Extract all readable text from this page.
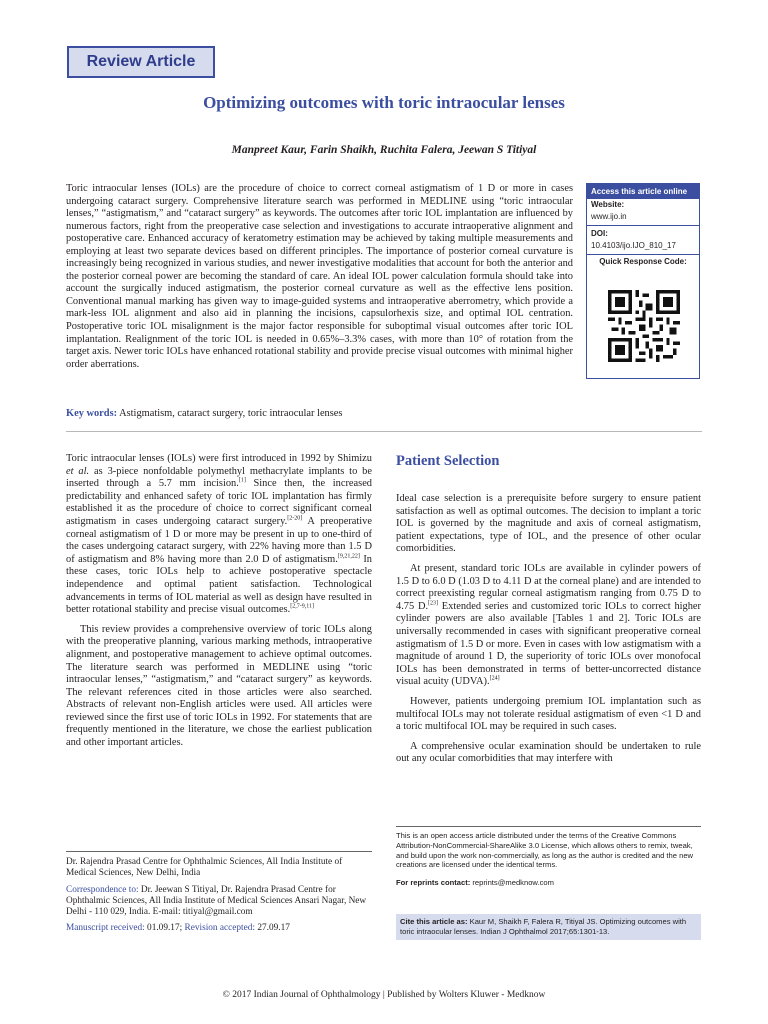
Review Article
Optimizing outcomes with toric intraocular lenses
Manpreet Kaur, Farin Shaikh, Ruchita Falera, Jeewan S Titiyal
Toric intraocular lenses (IOLs) are the procedure of choice to correct corneal astigmatism of 1 D or more in cases undergoing cataract surgery. Comprehensive literature search was performed in MEDLINE using “toric intraocular lenses,” “astigmatism,” and “cataract surgery” as keywords. The outcomes after toric IOL implantation are influenced by numerous factors, right from the preoperative case selection and investigations to accurate intraoperative alignment and postoperative care. Enhanced accuracy of keratometry estimation may be achieved by taking multiple measurements and employing at least two separate devices based on different principles. The importance of posterior corneal curvature is increasingly being recognized in various studies, and newer investigative modalities that account for both the anterior and the posterior corneal power are becoming the standard of care. An ideal IOL power calculation formula should take into account the surgically induced astigmatism, the posterior corneal curvature as well as the effective lens position. Conventional manual marking has given way to image-guided systems and intraoperative aberrometry, which provide a mark-less IOL alignment and also aid in planning the incisions, capsulorhexis size, and optimal IOL centration. Postoperative toric IOL misalignment is the major factor responsible for suboptimal visual outcomes after toric IOL implantation. Realignment of the toric IOL is needed in 0.65%–3.3% cases, with more than 10° of rotation from the target axis. Newer toric IOLs have enhanced rotational stability and provide precise visual outcomes with minimal higher order aberrations.
Key words: Astigmatism, cataract surgery, toric intraocular lenses
Access this article online
Website:
www.ijo.in
DOI:
10.4103/ijo.IJO_810_17
Quick Response Code:

Toric intraocular lenses (IOLs) were first introduced in 1992 by Shimizu et al. as 3-piece nonfoldable polymethyl methacrylate implants to be inserted through a 5.7 mm incision.[1] Since then, the increased predictability and enhanced safety of toric IOL implantation has firmly established it as the procedure of choice to correct significant corneal astigmatism in cases undergoing cataract surgery.[2-20] A preoperative corneal astigmatism of 1 D or more may be present in up to one-third of the cases undergoing cataract surgery, with 22% having more than 1.5 D of astigmatism and 8% having more than 2.0 D of astigmatism.[9,21,22] In these cases, toric IOLs help to achieve postoperative spectacle independence and optimal patient satisfaction. Technological advancements in terms of IOL material as well as design have resulted in better rotational stability and precise visual outcomes.[2,7-9,11]

This review provides a comprehensive overview of toric IOLs along with the preoperative planning, various marking methods, intraoperative alignment, and postoperative management to achieve optimal outcomes. The literature search was performed in MEDLINE using “toric intraocular lenses,” “astigmatism,” and “cataract surgery” as keywords. The relevant references cited in those articles were also searched. Abstracts of relevant non-English articles were used. All articles were reviewed since the first use of toric IOLs in 1992. For statements that are frequently mentioned in the literature, we chose the earliest publication and other important articles.

Patient Selection

Ideal case selection is a prerequisite before surgery to ensure patient satisfaction as well as optimal outcomes. The decision to implant a toric IOL is governed by the magnitude and axis of corneal astigmatism, patient expectations, type of IOL, and the presence of other ocular comorbidities.

At present, standard toric IOLs are available in cylinder powers of 1.5 D to 6.0 D (1.03 D to 4.11 D at the corneal plane) and are intended to correct preexisting regular corneal astigmatism ranging from 0.75 D to 4.75 D.[23] Extended series and customized toric IOLs to correct higher cylinder powers are also available [Tables 1 and 2]. Toric IOLs are universally recommended in cases with significant preoperative corneal astigmatism of 1.5 D or more. Even in cases with low astigmatism with a magnitude of around 1 D, the superiority of toric IOLs over monofocal IOLs has been demonstrated in terms of better-uncorrected distance visual acuity (UDVA).[24]

However, patients undergoing premium IOL implantation such as multifocal IOLs may not tolerate residual astigmatism of even <1 D and a toric multifocal IOL may be required in such cases.

A comprehensive ocular examination should be undertaken to rule out any ocular comorbidities that may interfere with

Dr. Rajendra Prasad Centre for Ophthalmic Sciences, All India Institute of Medical Sciences, New Delhi, India

Correspondence to: Dr. Jeewan S Titiyal, Dr. Rajendra Prasad Centre for Ophthalmic Sciences, All India Institute of Medical Sciences Ansari Nagar, New Delhi - 110 029, India. E-mail: titiyal@gmail.com

Manuscript received: 01.09.17; Revision accepted: 27.09.17

This is an open access article distributed under the terms of the Creative Commons Attribution-NonCommercial-ShareAlike 3.0 License, which allows others to remix, tweak, and build upon the work non-commercially, as long as the author is credited and the new creations are licensed under the identical terms.
For reprints contact: reprints@medknow.com
Cite this article as: Kaur M, Shaikh F, Falera R, Titiyal JS. Optimizing outcomes with toric intraocular lenses. Indian J Ophthalmol 2017;65:1301-13.
© 2017 Indian Journal of Ophthalmology | Published by Wolters Kluwer - Medknow
